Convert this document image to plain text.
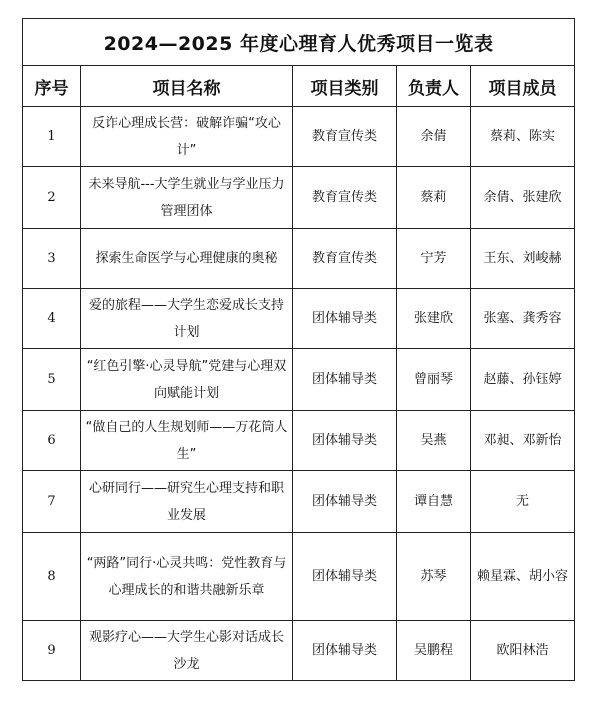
2024—2025 年度心理育人优秀项目一览表				
序号	项目名称	项目类别	负责人	项目成员
1	反诈心理成长营：破解诈骗“攻心计”	教育宣传类	余倩	蔡莉、陈实
2	未来导航---大学生就业与学业压力管理团体	教育宣传类	蔡莉	余倩、张建欣
3	探索生命医学与心理健康的奥秘	教育宣传类	宁芳	王东、刘峻赫
4	爱的旅程——大学生恋爱成长支持计划	团体辅导类	张建欣	张塞、龚秀容
5	“红色引擎·心灵导航”党建与心理双向赋能计划	团体辅导类	曾丽琴	赵藤、孙钰婷
6	“做自己的人生规划师——万花筒人生”	团体辅导类	吴燕	邓昶、邓新怡
7	心研同行——研究生心理支持和职业发展	团体辅导类	谭自慧	无
8	“两路”同行·心灵共鸣：党性教育与心理成长的和谐共融新乐章	团体辅导类	苏琴	赖星霖、胡小容
9	观影疗心——大学生心影对话成长沙龙	团体辅导类	吴鹏程	欧阳林浩
